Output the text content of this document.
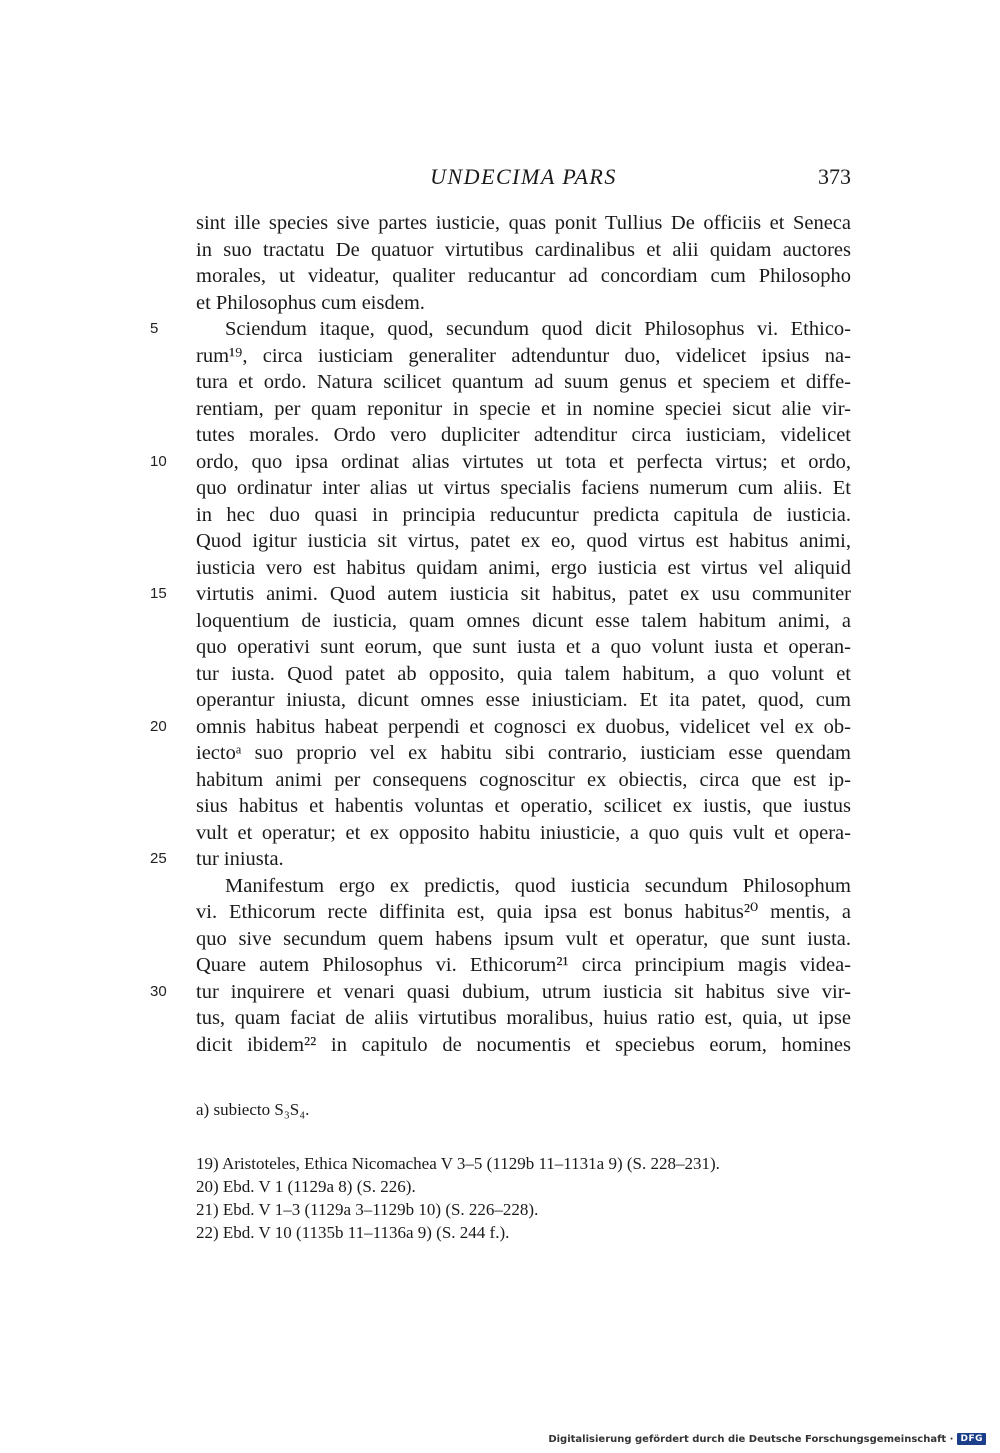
UNDECIMA PARS	373
sint ille species sive partes iusticie, quas ponit Tullius De officiis et Seneca
in suo tractatu De quatuor virtutibus cardinalibus et alii quidam auctores
morales, ut videatur, qualiter reducantur ad concordiam cum Philosopho
et Philosophus cum eisdem.
5	Sciendum itaque, quod, secundum quod dicit Philosophus vi. Ethico-
rum¹⁹, circa iusticiam generaliter adtenduntur duo, videlicet ipsius na-
tura et ordo. Natura scilicet quantum ad suum genus et speciem et diffe-
rentiam, per quam reponitur in specie et in nomine speciei sicut alie vir-
tutes morales. Ordo vero dupliciter adtenditur circa iusticiam, videlicet
10	ordo, quo ipsa ordinat alias virtutes ut tota et perfecta virtus; et ordo,
quo ordinatur inter alias ut virtus specialis faciens numerum cum aliis. Et
in hec duo quasi in principia reducuntur predicta capitula de iusticia.
Quod igitur iusticia sit virtus, patet ex eo, quod virtus est habitus animi,
iusticia vero est habitus quidam animi, ergo iusticia est virtus vel aliquid
15	virtutis animi. Quod autem iusticia sit habitus, patet ex usu communiter
loquentium de iusticia, quam omnes dicunt esse talem habitum animi, a
quo operativi sunt eorum, que sunt iusta et a quo volunt iusta et operan-
tur iusta. Quod patet ab opposito, quia talem habitum, a quo volunt et
operantur iniusta, dicunt omnes esse iniusticiam. Et ita patet, quod, cum
20	omnis habitus habeat perpendi et cognosci ex duobus, videlicet vel ex ob-
iectoᵃ suo proprio vel ex habitu sibi contrario, iusticiam esse quendam
habitum animi per consequens cognoscitur ex obiectis, circa que est ip-
sius habitus et habentis voluntas et operatio, scilicet ex iustis, que iustus
vult et operatur; et ex opposito habitu iniusticie, a quo quis vult et opera-
25	tur iniusta.
Manifestum ergo ex predictis, quod iusticia secundum Philosophum
vi. Ethicorum recte diffinita est, quia ipsa est bonus habitus²⁰ mentis, a
quo sive secundum quem habens ipsum vult et operatur, que sunt iusta.
Quare autem Philosophus vi. Ethicorum²¹ circa principium magis videa-
30	tur inquirere et venari quasi dubium, utrum iusticia sit habitus sive vir-
tus, quam faciat de aliis virtutibus moralibus, huius ratio est, quia, ut ipse
dicit ibidem²² in capitulo de nocumentis et speciebus eorum, homines
a) subiecto S₃S₄.
19) Aristoteles, Ethica Nicomachea V 3–5 (1129b 11–1131a 9) (S. 228–231).
20) Ebd. V 1 (1129a 8) (S. 226).
21) Ebd. V 1–3 (1129a 3–1129b 10) (S. 226–228).
22) Ebd. V 10 (1135b 11–1136a 9) (S. 244 f.).
Digitalisierung gefördert durch die Deutsche Forschungsgemeinschaft · DFG
